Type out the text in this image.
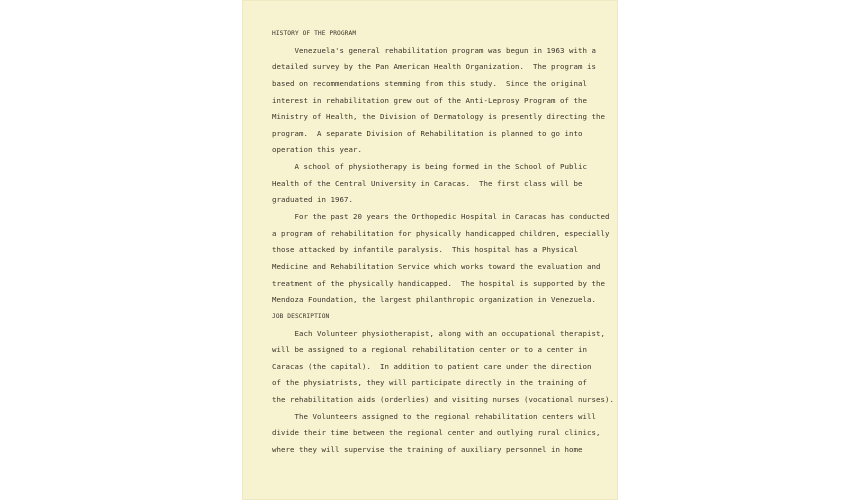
HISTORY OF THE PROGRAM
Venezuela's general rehabilitation program was begun in 1963 with a
detailed survey by the Pan American Health Organization.  The program is
based on recommendations stemming from this study.  Since the original
interest in rehabilitation grew out of the Anti-Leprosy Program of the
Ministry of Health, the Division of Dermatology is presently directing the
program.  A separate Division of Rehabilitation is planned to go into
operation this year.
A school of physiotherapy is being formed in the School of Public
Health of the Central University in Caracas.  The first class will be
graduated in 1967.
For the past 20 years the Orthopedic Hospital in Caracas has conducted
a program of rehabilitation for physically handicapped children, especially
those attacked by infantile paralysis.  This hospital has a Physical
Medicine and Rehabilitation Service which works toward the evaluation and
treatment of the physically handicapped.  The hospital is supported by the
Mendoza Foundation, the largest philanthropic organization in Venezuela.
JOB DESCRIPTION
Each Volunteer physiotherapist, along with an occupational therapist,
will be assigned to a regional rehabilitation center or to a center in
Caracas (the capital).  In addition to patient care under the direction
of the physiatrists, they will participate directly in the training of
the rehabilitation aids (orderlies) and visiting nurses (vocational nurses).
The Volunteers assigned to the regional rehabilitation centers will
divide their time between the regional center and outlying rural clinics,
where they will supervise the training of auxiliary personnel in home
